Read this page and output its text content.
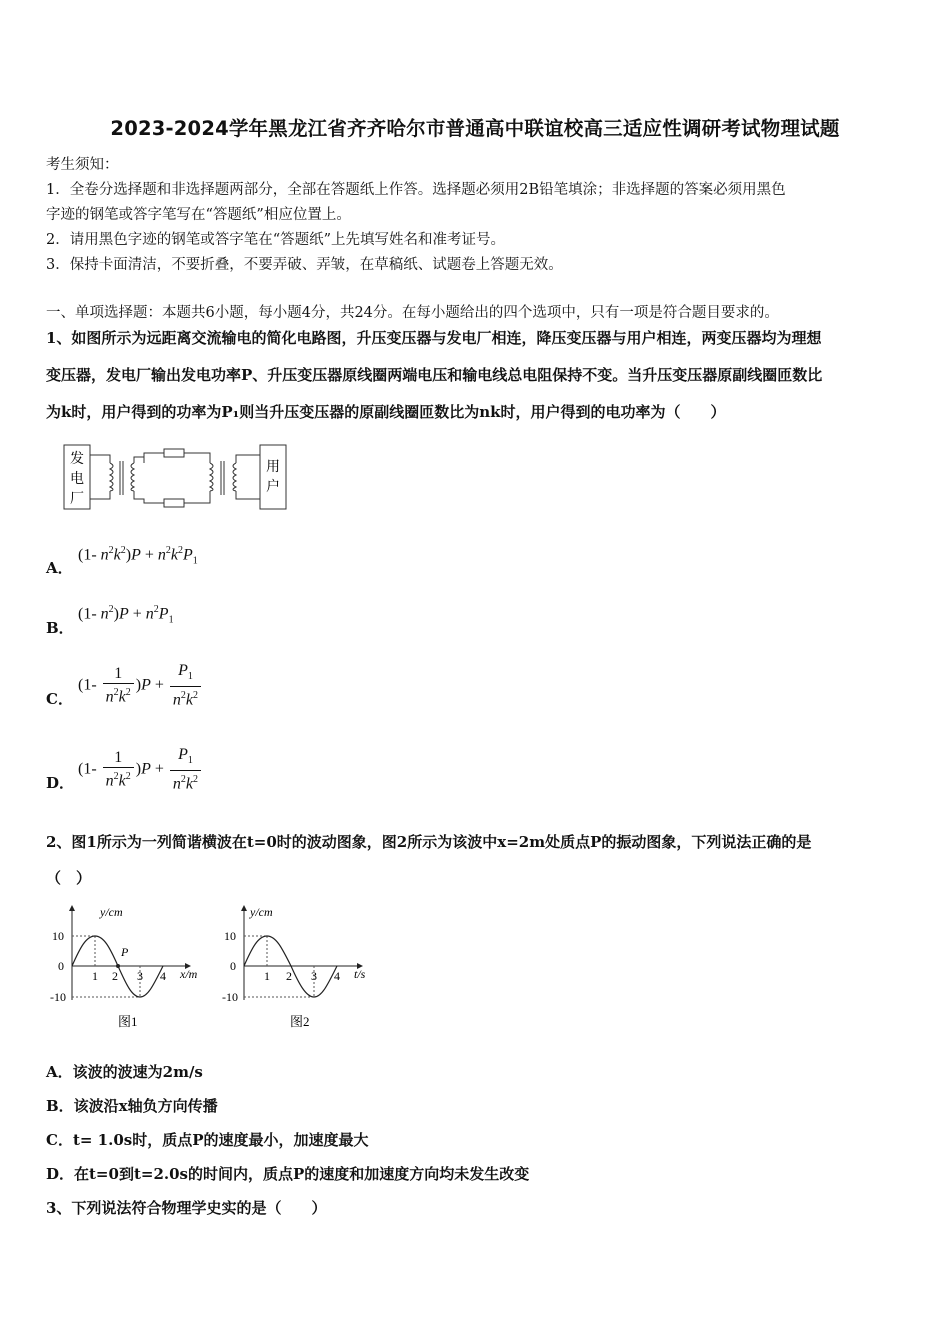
2023-2024学年黑龙江省齐齐哈尔市普通高中联谊校高三适应性调研考试物理试题
考生须知：
1．全卷分选择题和非选择题两部分，全部在答题纸上作答。选择题必须用2B铅笔填涂；非选择题的答案必须用黑色
字迹的钢笔或答字笔写在“答题纸”相应位置上。
2．请用黑色字迹的钢笔或答字笔在“答题纸”上先填写姓名和准考证号。
3．保持卡面清洁，不要折叠，不要弄破、弄皱，在草稿纸、试题卷上答题无效。
一、单项选择题：本题共6小题，每小题4分，共24分。在每小题给出的四个选项中，只有一项是符合题目要求的。
1、如图所示为远距离交流输电的简化电路图，升压变压器与发电厂相连，降压变压器与用户相连，两变压器均为理想
变压器，发电厂输出发电功率P、升压变压器原线圈两端电压和输电线总电阻保持不变。当升压变压器原副线圈匝数比
为k时，用户得到的功率为P₁则当升压变压器的原副线圈匝数比为nk时，用户得到的电功率为（　　）
发
电
厂
用
户
A．
(1- $n^2k^2)P + n^2k^2P_1$
B．
(1- $n^2)P + n^2P_1$
C．
$(1- \frac{1}{n^2k^2} )P + \frac{P_1}{n^2k^2}$
D．
$(1- \frac{1}{n^2k^2} )P + \frac{P_1}{n^2k^2}$
2、图1所示为一列简谐横波在t=0时的波动图象，图2所示为该波中x=2m处质点P的振动图象，下列说法正确的是
（　）
y/cm
x/m
10
0
-10
1 2 3 4
P
图1
y/cm
t/s
10
0
-10
1 2 3 4
图2
A．该波的波速为2m/s
B．该波沿x轴负方向传播
C．t= 1.0s时，质点P的速度最小，加速度最大
D．在t=0到t=2.0s的时间内，质点P的速度和加速度方向均未发生改变
3、下列说法符合物理学史实的是（　　）
